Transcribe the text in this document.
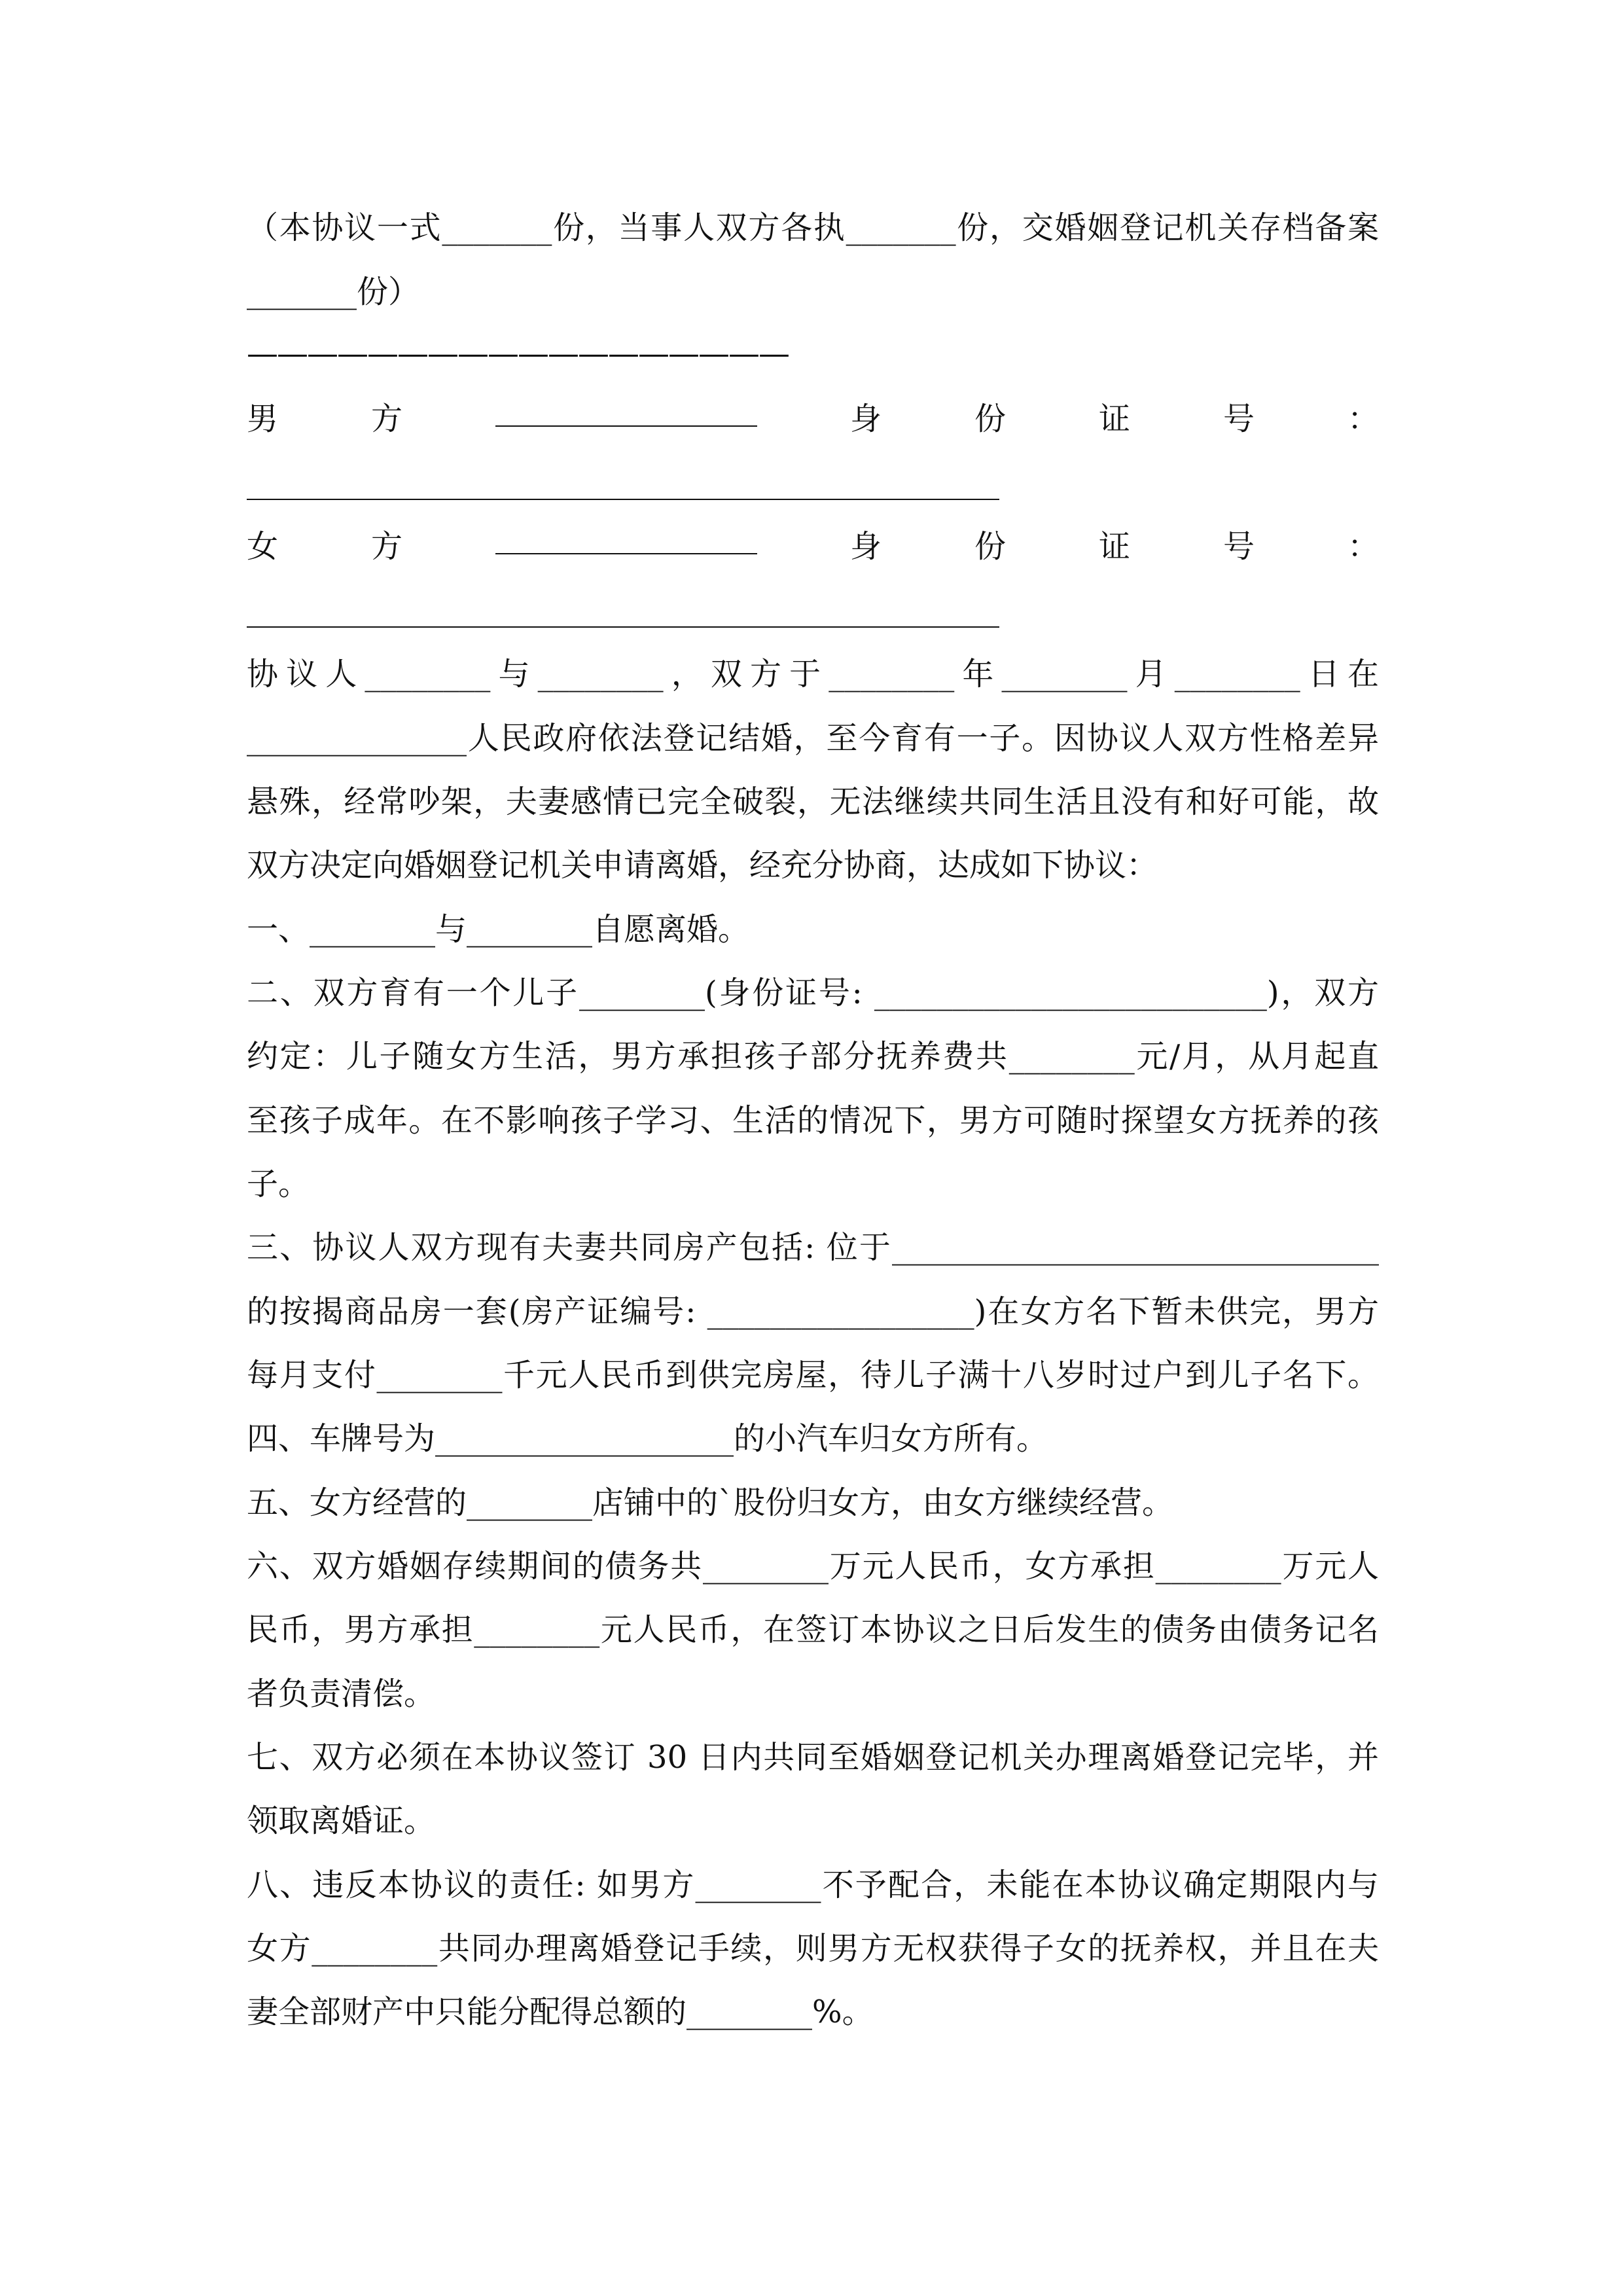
（本协议一式_______份，当事人双方各执_______份，交婚姻登记机关存档备案
_______份）
——————————————————
男	方	身	份	证	号	：
女	方	身	份	证	号	：
协议人________与________，双方于________年________月________日在
______________人民政府依法登记结婚，至今育有一子。因协议人双方性格差异
悬殊，经常吵架，夫妻感情已完全破裂，无法继续共同生活且没有和好可能，故
双方决定向婚姻登记机关申请离婚，经充分协商，达成如下协议：
一、________与________自愿离婚。
二、双方育有一个儿子________(身份证号: _________________________)，双方
约定：儿子随女方生活，男方承担孩子部分抚养费共________元/月，从月起直
至孩子成年。在不影响孩子学习、生活的情况下，男方可随时探望女方抚养的孩
子。
三、协议人双方现有夫妻共同房产包括: 位于_______________________________
的按揭商品房一套(房产证编号: _________________)在女方名下暂未供完，男方
每月支付________千元人民币到供完房屋，待儿子满十八岁时过户到儿子名下。
四、车牌号为___________________的小汽车归女方所有。
五、女方经营的________店铺中的`股份归女方，由女方继续经营。
六、双方婚姻存续期间的债务共________万元人民币，女方承担________万元人
民币，男方承担________元人民币，在签订本协议之日后发生的债务由债务记名
者负责清偿。
七、双方必须在本协议签订 30 日内共同至婚姻登记机关办理离婚登记完毕，并
领取离婚证。
八、违反本协议的责任: 如男方________不予配合，未能在本协议确定期限内与
女方________共同办理离婚登记手续，则男方无权获得子女的抚养权，并且在夫
妻全部财产中只能分配得总额的________%。
